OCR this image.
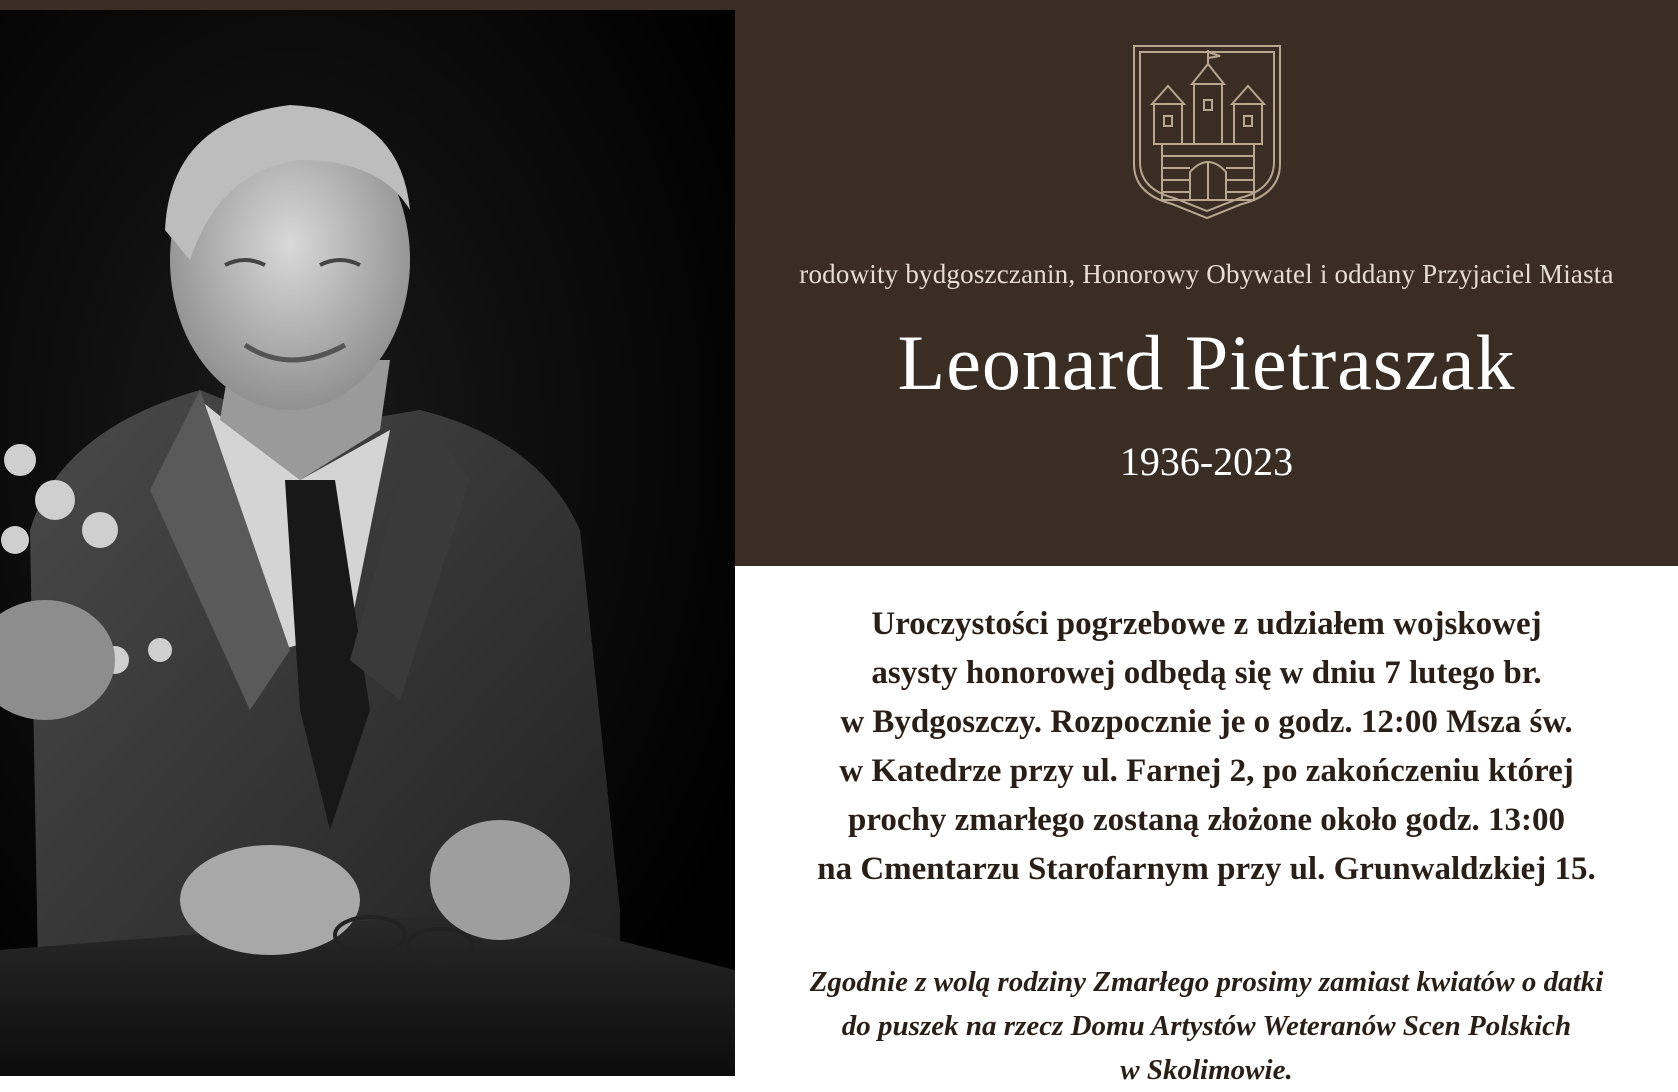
rodowity bydgoszczanin, Honorowy Obywatel i oddany Przyjaciel Miasta
Leonard Pietraszak
1936-2023
Uroczystości pogrzebowe z udziałem wojskowej
asysty honorowej odbędą się w dniu 7 lutego br.
w Bydgoszczy. Rozpocznie je o godz. 12:00 Msza św.
w Katedrze przy ul. Farnej 2, po zakończeniu której
prochy zmarłego zostaną złożone około godz. 13:00
na Cmentarzu Starofarnym przy ul. Grunwaldzkiej 15.
Zgodnie z wolą rodziny Zmarłego prosimy zamiast kwiatów o datki
do puszek na rzecz Domu Artystów Weteranów Scen Polskich
w Skolimowie.
